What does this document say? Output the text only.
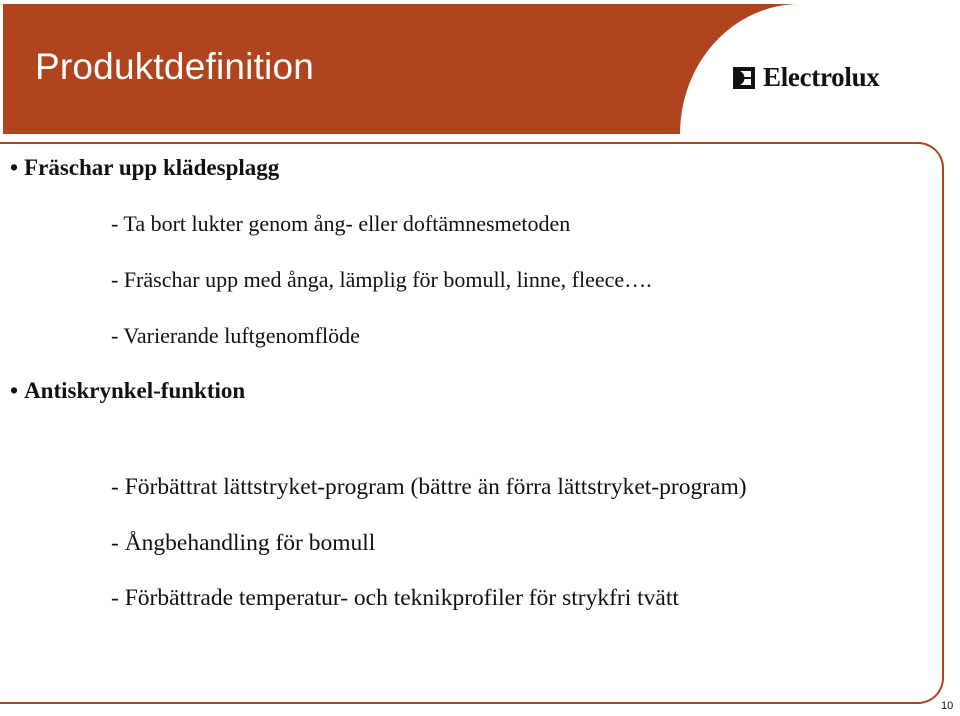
Produktdefinition	Electrolux
• Fräschar upp klädesplagg
- Ta bort lukter genom ång- eller doftämnesmetoden
- Fräschar upp med ånga, lämplig för bomull, linne, fleece….
- Varierande luftgenomflöde
• Antiskrynkel-funktion
- Förbättrat lättstryket-program (bättre än förra lättstryket-program)
- Ångbehandling för bomull
- Förbättrade temperatur- och teknikprofiler för strykfri tvätt
10
